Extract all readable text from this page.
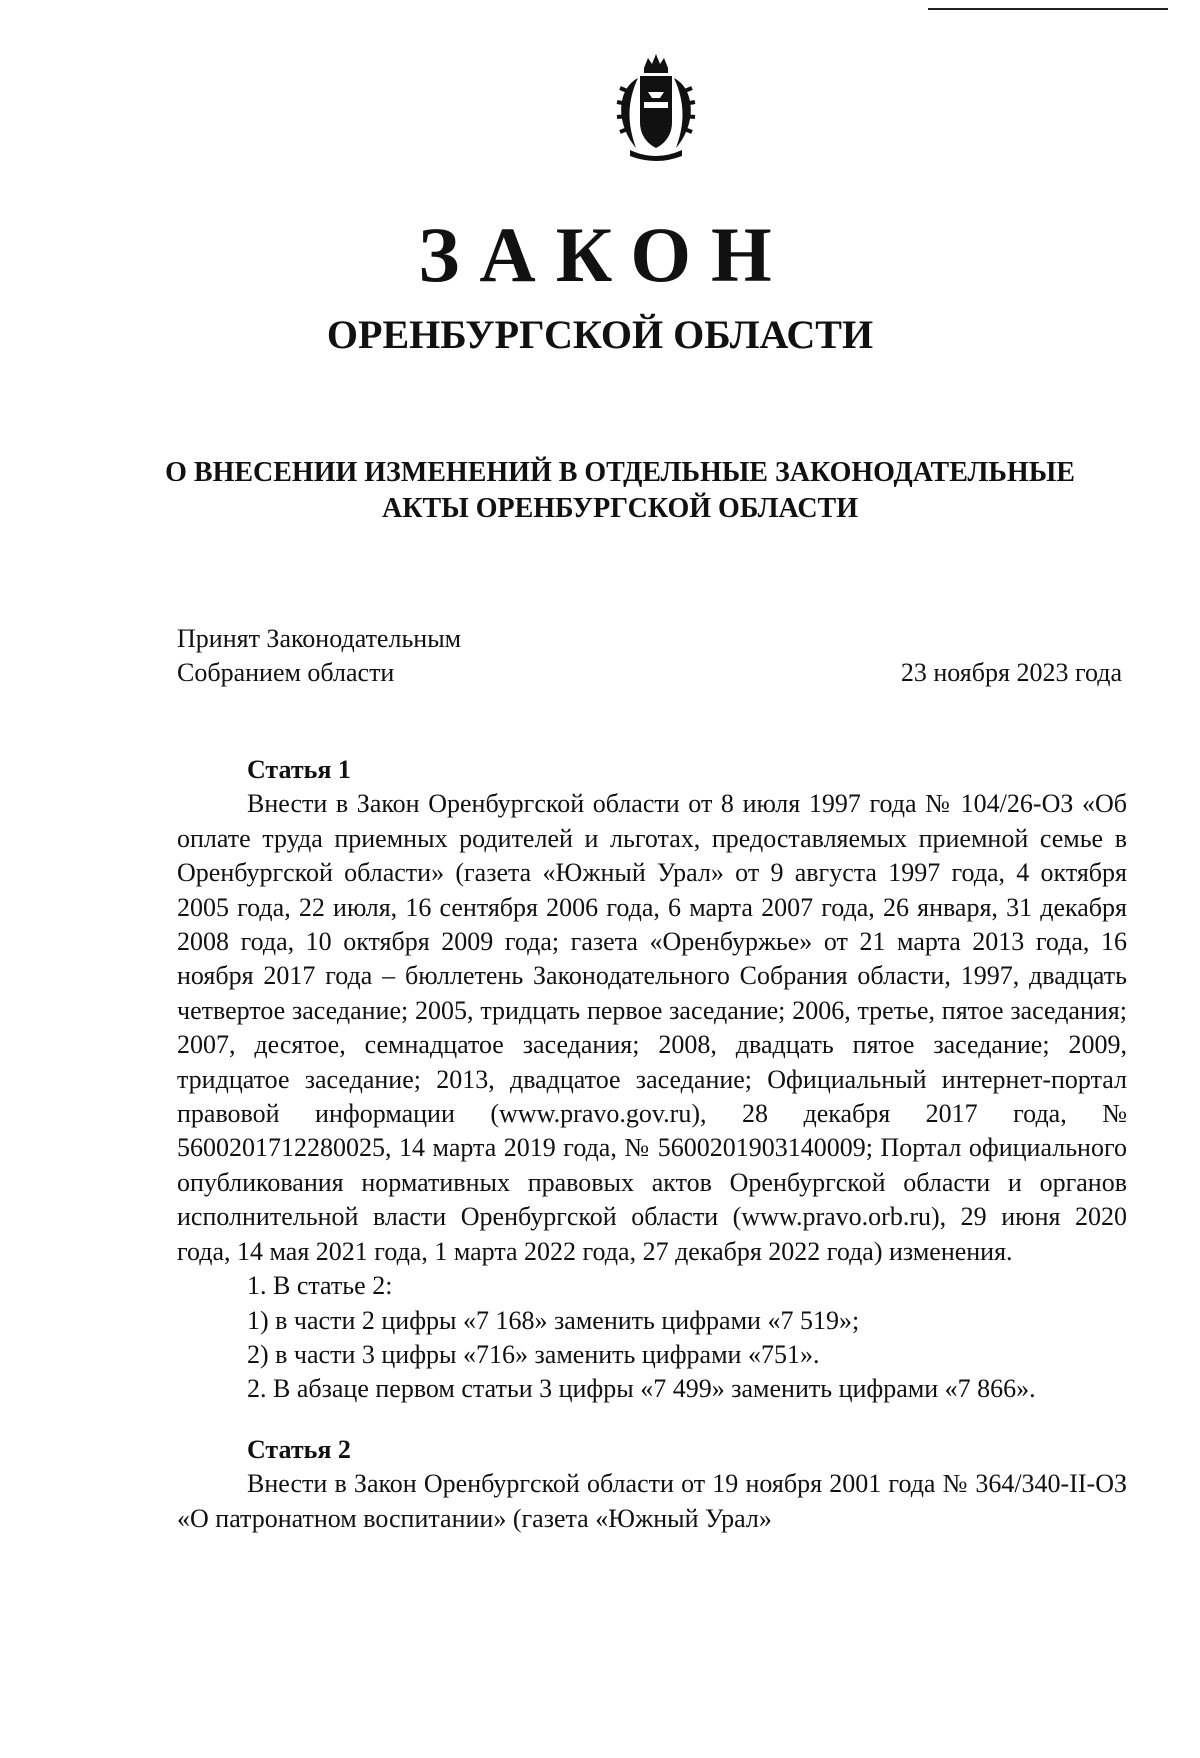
ЗАКОН
ОРЕНБУРГСКОЙ ОБЛАСТИ
О ВНЕСЕНИИ ИЗМЕНЕНИЙ В ОТДЕЛЬНЫЕ ЗАКОНОДАТЕЛЬНЫЕ
АКТЫ ОРЕНБУРГСКОЙ ОБЛАСТИ
Принят Законодательным
Собранием области	23 ноября 2023 года
Статья 1

Внести в Закон Оренбургской области от 8 июля 1997 года № 104/26-ОЗ «Об оплате труда приемных родителей и льготах, предоставляемых приемной семье в Оренбургской области» (газета «Южный Урал» от 9 августа 1997 года, 4 октября 2005 года, 22 июля, 16 сентября 2006 года, 6 марта 2007 года, 26 января, 31 декабря 2008 года, 10 октября 2009 года; газета «Оренбуржье» от 21 марта 2013 года, 16 ноября 2017 года – бюллетень Законодательного Собрания области, 1997, двадцать четвертое заседание; 2005, тридцать первое заседание; 2006, третье, пятое заседания; 2007, десятое, семнадцатое заседания; 2008, двадцать пятое заседание; 2009, тридцатое заседание; 2013, двадцатое заседание; Официальный интернет-портал правовой информации (www.pravo.gov.ru), 28 декабря 2017 года, № 5600201712280025, 14 марта 2019 года, № 5600201903140009; Портал официального опубликования нормативных правовых актов Оренбургской области и органов исполнительной власти Оренбургской области (www.pravo.orb.ru), 29 июня 2020 года, 14 мая 2021 года, 1 марта 2022 года, 27 декабря 2022 года) изменения.

1. В статье 2:

1) в части 2 цифры «7 168» заменить цифрами «7 519»;

2) в части 3 цифры «716» заменить цифрами «751».

2. В абзаце первом статьи 3 цифры «7 499» заменить цифрами «7 866».

Статья 2

Внести в Закон Оренбургской области от 19 ноября 2001 года № 364/340-II-ОЗ «О патронатном воспитании» (газета «Южный Урал»
